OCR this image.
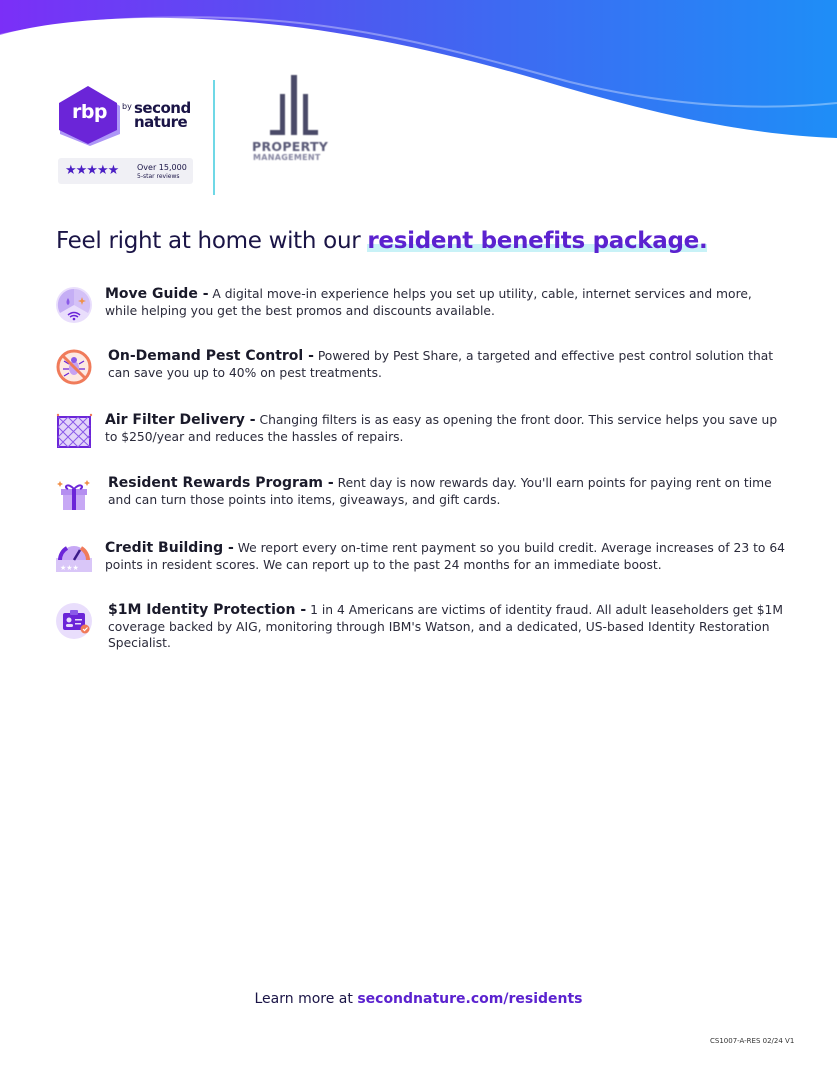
rbp	by second
nature
★★★★★ Over 15,000
5-star reviews
PROPERTY
MANAGEMENT
Feel right at home with our resident benefits package.
Move Guide - A digital move-in experience helps you set up utility, cable, internet services and more, while helping you get the best promos and discounts available.
On-Demand Pest Control - Powered by Pest Share, a targeted and effective pest control solution that can save you up to 40% on pest treatments.
Air Filter Delivery - Changing filters is as easy as opening the front door. This service helps you save up to $250/year and reduces the hassles of repairs.
Resident Rewards Program - Rent day is now rewards day. You'll earn points for paying rent on time and can turn those points into items, giveaways, and gift cards.
★★★
Credit Building - We report every on-time rent payment so you build credit. Average increases of 23 to 64 points in resident scores. We can report up to the past 24 months for an immediate boost.
$1M Identity Protection - 1 in 4 Americans are victims of identity fraud. All adult leaseholders get $1M coverage backed by AIG, monitoring through IBM's Watson, and a dedicated, US-based Identity Restoration Specialist.
Learn more at secondnature.com/residents
CS1007-A-RES 02/24 V1
